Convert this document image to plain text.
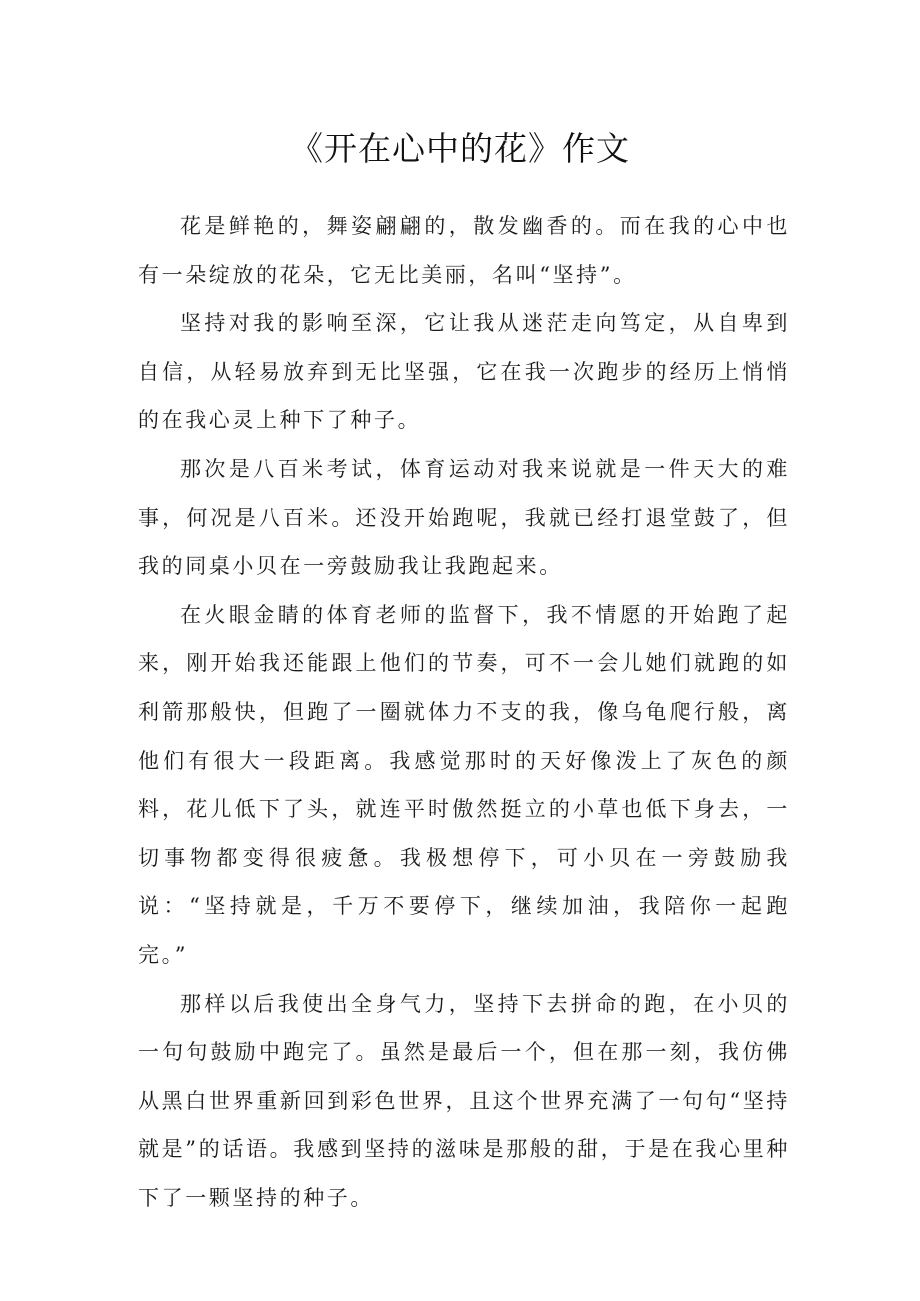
《开在心中的花》作文

花是鲜艳的，舞姿翩翩的，散发幽香的。而在我的心中也有一朵绽放的花朵，它无比美丽，名叫“坚持”。

坚持对我的影响至深，它让我从迷茫走向笃定，从自卑到自信，从轻易放弃到无比坚强，它在我一次跑步的经历上悄悄的在我心灵上种下了种子。

那次是八百米考试，体育运动对我来说就是一件天大的难事，何况是八百米。还没开始跑呢，我就已经打退堂鼓了，但我的同桌小贝在一旁鼓励我让我跑起来。

在火眼金睛的体育老师的监督下，我不情愿的开始跑了起来，刚开始我还能跟上他们的节奏，可不一会儿她们就跑的如利箭那般快，但跑了一圈就体力不支的我，像乌龟爬行般，离他们有很大一段距离。我感觉那时的天好像泼上了灰色的颜料，花儿低下了头，就连平时傲然挺立的小草也低下身去，一切事物都变得很疲惫。我极想停下，可小贝在一旁鼓励我说：“坚持就是，千万不要停下，继续加油，我陪你一起跑完。”

那样以后我使出全身气力，坚持下去拼命的跑，在小贝的一句句鼓励中跑完了。虽然是最后一个，但在那一刻，我仿佛从黑白世界重新回到彩色世界，且这个世界充满了一句句“坚持就是”的话语。我感到坚持的滋味是那般的甜，于是在我心里种下了一颗坚持的种子。
